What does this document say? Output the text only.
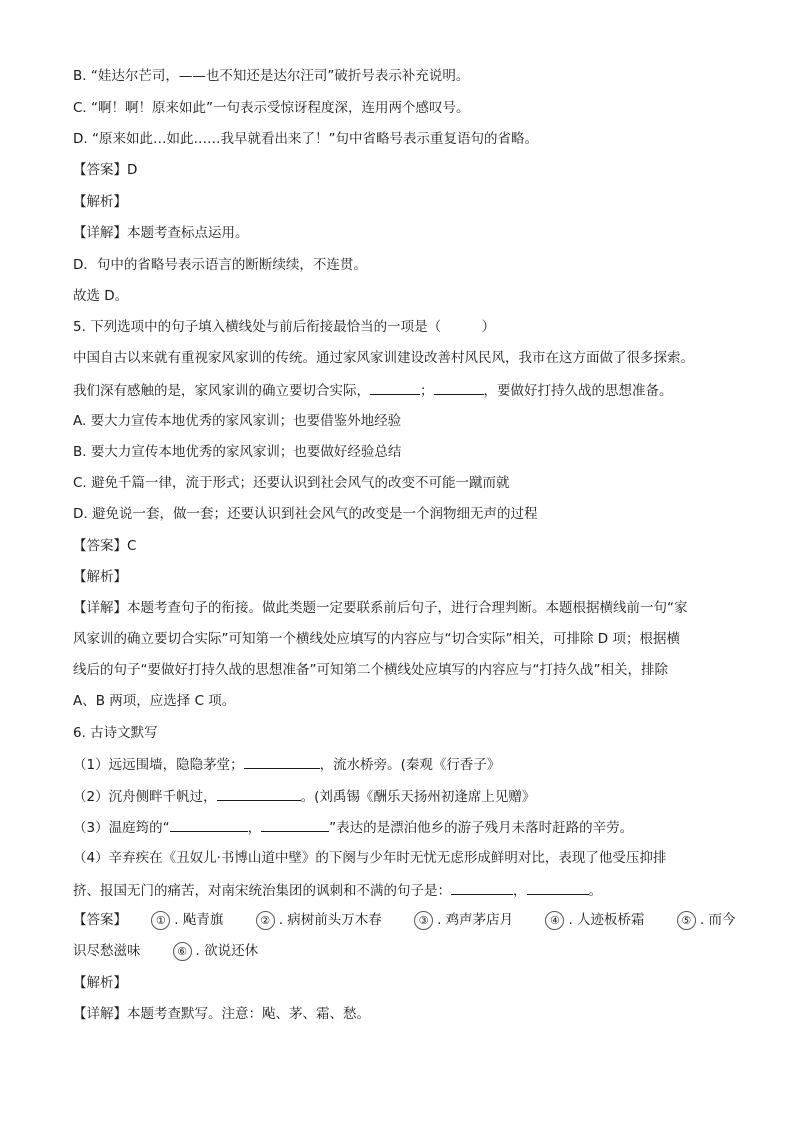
B. “娃达尔芒司，——也不知还是达尔汪司”破折号表示补充说明。
C. “啊！啊！原来如此”一句表示受惊讶程度深，连用两个感叹号。
D. “原来如此…如此……我早就看出来了！”句中省略号表示重复语句的省略。
【答案】D
【解析】
【详解】本题考查标点运用。
D．句中的省略号表示语言的断断续续，不连贯。
故选 D。
5. 下列选项中的句子填入横线处与前后衔接最恰当的一项是（　　　）
中国自古以来就有重视家风家训的传统。通过家风家训建设改善村风民风，我市在这方面做了很多探索。
我们深有感触的是，家风家训的确立要切合实际，	；	，要做好打持久战的思想准备。
A. 要大力宣传本地优秀的家风家训；也要借鉴外地经验
B. 要大力宣传本地优秀的家风家训；也要做好经验总结
C. 避免千篇一律，流于形式；还要认识到社会风气的改变不可能一蹴而就
D. 避免说一套，做一套；还要认识到社会风气的改变是一个润物细无声的过程
【答案】C
【解析】
【详解】本题考查句子的衔接。做此类题一定要联系前后句子，进行合理判断。本题根据横线前一句“家
风家训的确立要切合实际”可知第一个横线处应填写的内容应与“切合实际”相关，可排除 D 项；根据横
线后的句子“要做好打持久战的思想准备”可知第二个横线处应填写的内容应与“打持久战”相关，排除
A、B 两项，应选择 C 项。
6. 古诗文默写
（1）远远围墙，隐隐茅堂；	，流水桥旁。(秦观《行香子》
（2）沉舟侧畔千帆过，	。(刘禹锡《酬乐天扬州初逢席上见赠》
（3）温庭筠的“	，	”表达的是漂泊他乡的游子残月未落时赶路的辛劳。
（4）辛弃疾在《丑奴儿·书博山道中壁》的下阕与少年时无忧无虑形成鲜明对比，表现了他受压抑排
挤、报国无门的痛苦，对南宋统治集团的讽刺和不满的句子是：	，	。
【答案】	① . 飐青旗	② . 病树前头万木春	③ . 鸡声茅店月	④ . 人迹板桥霜	⑤ . 而今
识尽愁滋味	⑥ . 欲说还休
【解析】
【详解】本题考查默写。注意：飐、茅、霜、愁。
